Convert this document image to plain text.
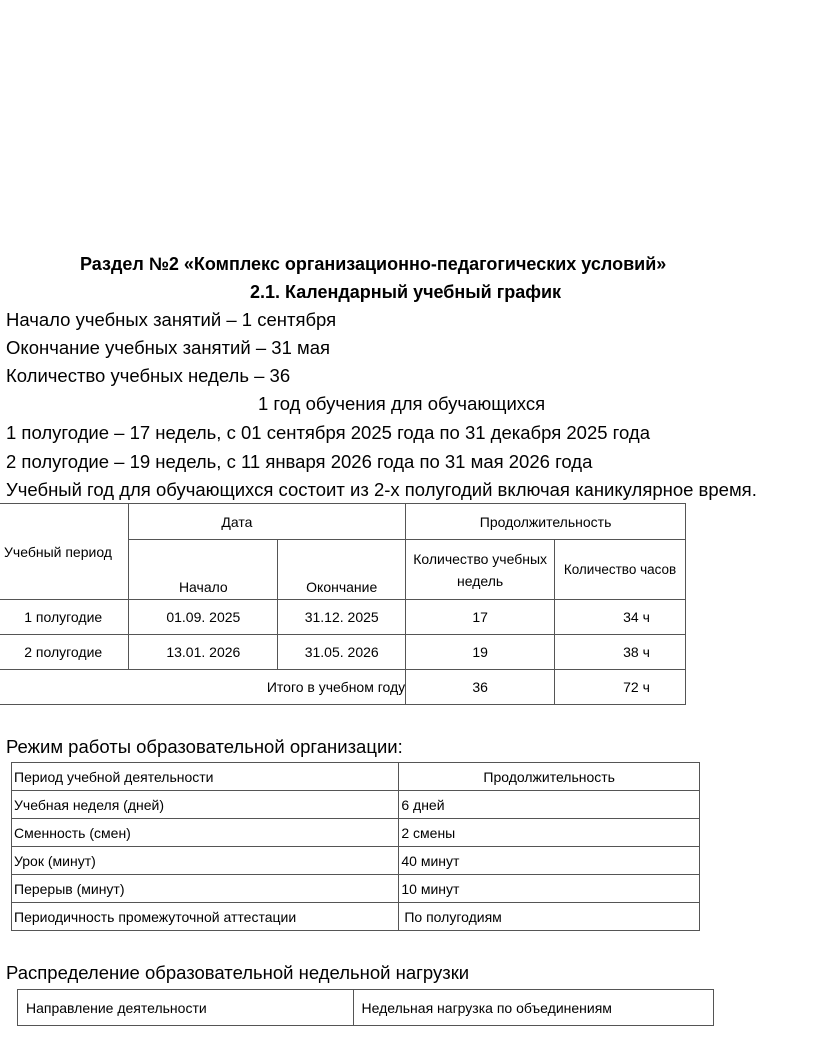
Раздел №2 «Комплекс организационно-педагогических условий»
2.1. Календарный учебный график
Начало учебных занятий – 1 сентября
Окончание учебных занятий – 31 мая
Количество учебных недель – 36
1 год обучения для обучающихся
1 полугодие – 17 недель, с 01 сентября 2025 года по 31 декабря 2025 года
2 полугодие – 19 недель, с 11 января 2026 года по 31 мая 2026 года
Учебный год для обучающихся состоит из 2-х полугодий включая каникулярное время.
Учебный период	Дата		Продолжительность	
	Начало	Окончание	Количество учебных недель	Количество часов
1 полугодие	01.09. 2025	31.12. 2025	17	34 ч
2 полугодие	13.01. 2026	31.05. 2026	19	38 ч
Итого в учебном году			36	72 ч
Режим работы образовательной организации:
Период учебной деятельности	Продолжительность
Учебная неделя (дней)	6 дней
Сменность (смен)	2 смены
Урок (минут)	40 минут
Перерыв (минут)	10 минут
Периодичность промежуточной аттестации	По полугодиям
Распределение образовательной недельной нагрузки
Направление деятельности	Недельная нагрузка по объединениям
